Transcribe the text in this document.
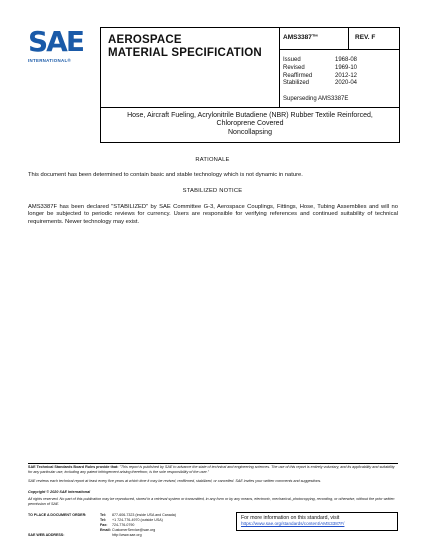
SAE
INTERNATIONAL®
AEROSPACE
MATERIAL SPECIFICATION
AMS3387™	REV. F
Issued	1968-08
Revised	1969-10
Reaffirmed	2012-12
Stabilized	2020-04
Superseding AMS3387E
Hose, Aircraft Fueling, Acrylonitrile Butadiene (NBR) Rubber Textile Reinforced,
Chloroprene Covered
Noncollapsing
RATIONALE
This document has been determined to contain basic and stable technology which is not dynamic in nature.
STABILIZED NOTICE
AMS3387F has been declared "STABILIZED" by SAE Committee G-3, Aerospace Couplings, Fittings, Hose, Tubing Assemblies and will no longer be subjected to periodic reviews for currency. Users are responsible for verifying references and continued suitability of technical requirements. Newer technology may exist.
SAE Technical Standards Board Rules provide that: "This report is published by SAE to advance the state of technical and engineering sciences. The use of this report is entirely voluntary, and its applicability and suitability for any particular use, including any patent infringement arising therefrom, is the sole responsibility of the user."
SAE reviews each technical report at least every five years at which time it may be revised, reaffirmed, stabilized, or cancelled. SAE invites your written comments and suggestions.
Copyright © 2020 SAE International
All rights reserved. No part of this publication may be reproduced, stored in a retrieval system or transmitted, in any form or by any means, electronic, mechanical, photocopying, recording, or otherwise, without the prior written permission of SAE.
TO PLACE A DOCUMENT ORDER:	Tel:	877-606-7323 (inside USA and Canada)
Tel:	+1 724-776-4970 (outside USA)
Fax:	724-776-0790
Email: CustomerService@sae.org
SAE WEB ADDRESS:	http://www.sae.org
For more information on this standard, visit
https://www.sae.org/standards/content/AMS3387F/
